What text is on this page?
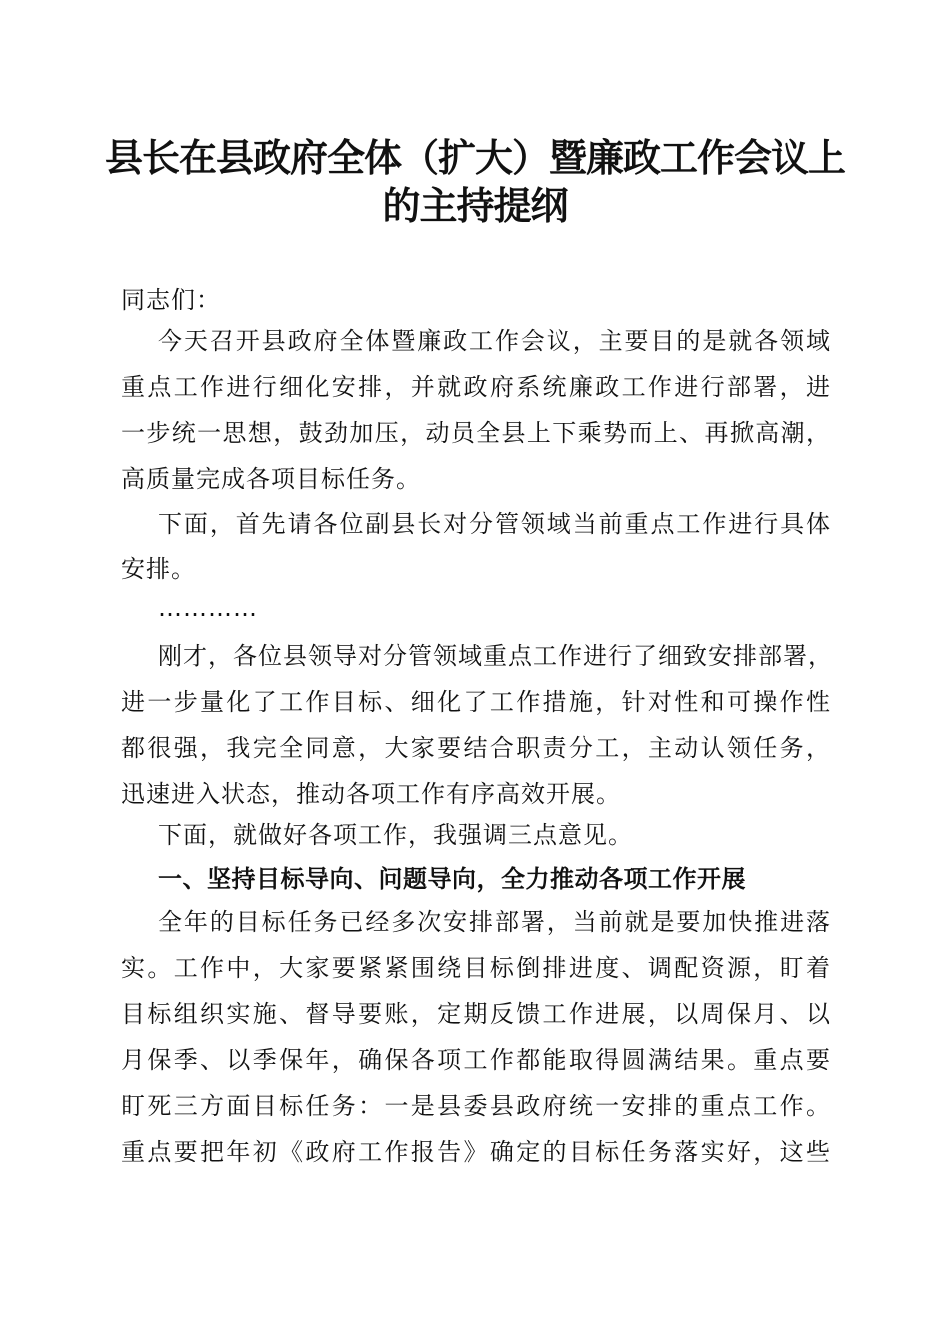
县长在县政府全体（扩大）暨廉政工作会议上
的主持提纲
同志们：
今天召开县政府全体暨廉政工作会议，主要目的是就各领域
重点工作进行细化安排，并就政府系统廉政工作进行部署，进
一步统一思想，鼓劲加压，动员全县上下乘势而上、再掀高潮，
高质量完成各项目标任务。
下面，首先请各位副县长对分管领域当前重点工作进行具体
安排。
…………
刚才，各位县领导对分管领域重点工作进行了细致安排部署，
进一步量化了工作目标、细化了工作措施，针对性和可操作性
都很强，我完全同意，大家要结合职责分工，主动认领任务，
迅速进入状态，推动各项工作有序高效开展。
下面，就做好各项工作，我强调三点意见。
一、坚持目标导向、问题导向，全力推动各项工作开展
全年的目标任务已经多次安排部署，当前就是要加快推进落
实。工作中，大家要紧紧围绕目标倒排进度、调配资源，盯着
目标组织实施、督导要账，定期反馈工作进展，以周保月、以
月保季、以季保年，确保各项工作都能取得圆满结果。重点要
盯死三方面目标任务：一是县委县政府统一安排的重点工作。
重点要把年初《政府工作报告》确定的目标任务落实好，这些
